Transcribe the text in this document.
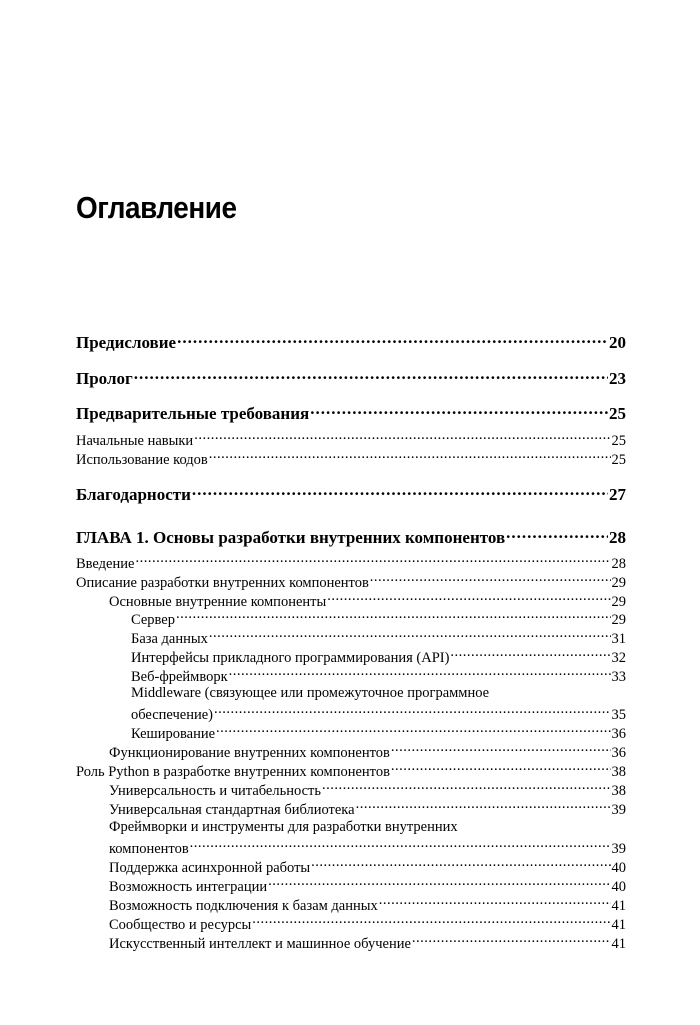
Оглавление
Предисловие .....	20
Пролог .....	23
Предварительные требования .....	25
Начальные навыки .....	25
Использование кодов .....	25
Благодарности .....	27
ГЛАВА 1. Основы разработки внутренних компонентов .....	28
Введение .....	28
Описание разработки внутренних компонентов .....	29
Основные внутренние компоненты .....	29
Сервер .....	29
База данных .....	31
Интерфейсы прикладного программирования (API) .....	32
Веб-фреймворк .....	33
Middleware (связующее или промежуточное программное
обеспечение) .....	35
Кеширование .....	36
Функционирование внутренних компонентов .....	36
Роль Python в разработке внутренних компонентов .....	38
Универсальность и читабельность .....	38
Универсальная стандартная библиотека .....	39
Фреймворки и инструменты для разработки внутренних
компонентов .....	39
Поддержка асинхронной работы .....	40
Возможность интеграции .....	40
Возможность подключения к базам данных .....	41
Сообщество и ресурсы .....	41
Искусственный интеллект и машинное обучение .....	41
